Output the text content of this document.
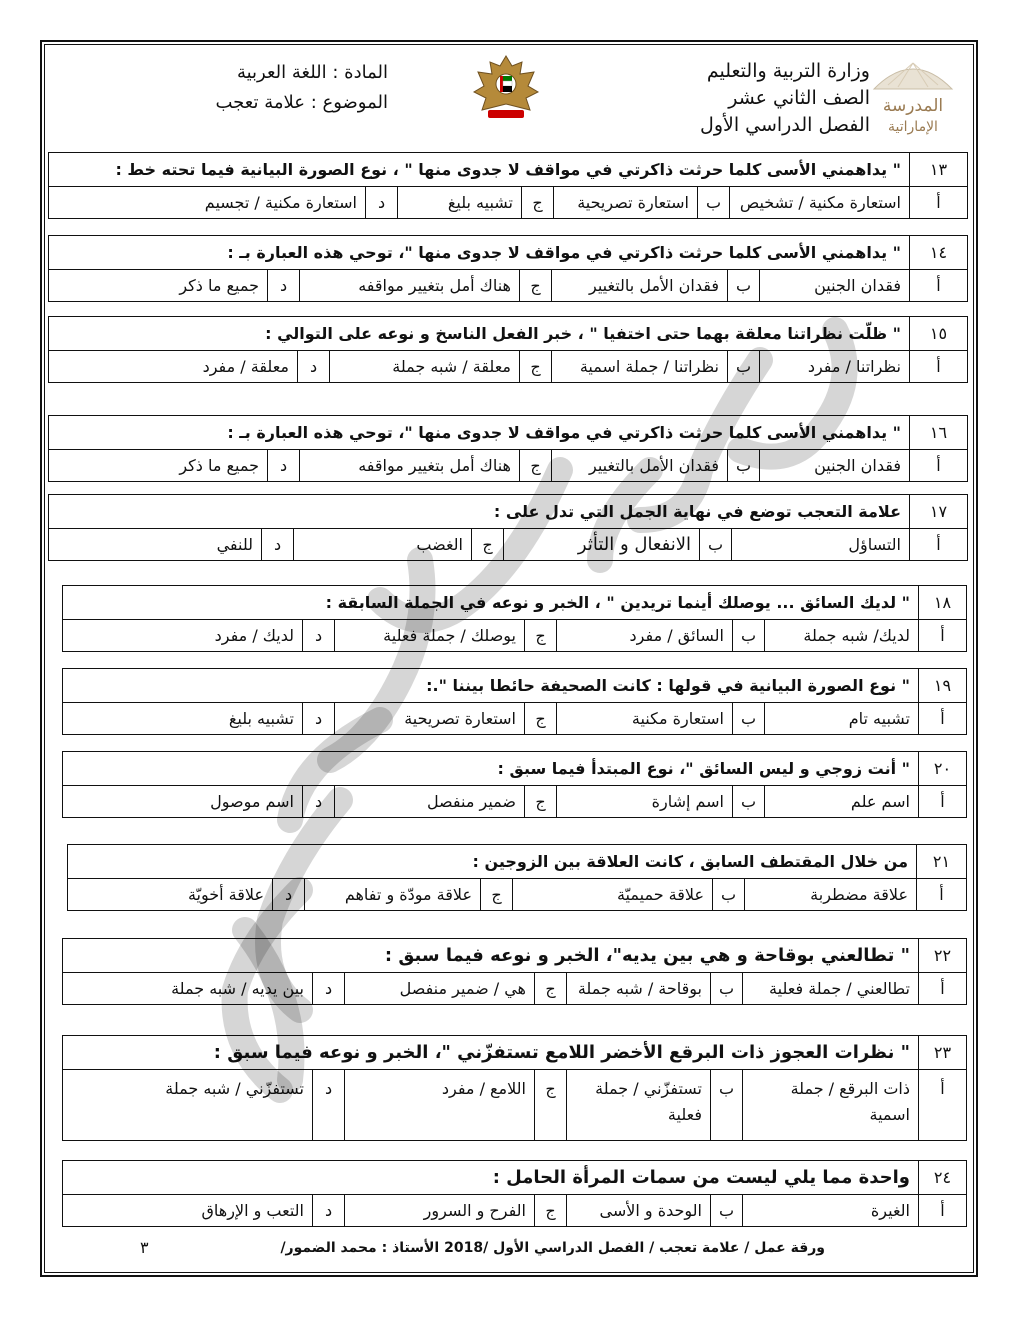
المدرسة
الإماراتية
وزارة التربية والتعليم
الصف الثاني عشر
الفصل الدراسي الأول
المادة : اللغة العربية
الموضوع : علامة تعجب
١٣	" يداهمني الأسى كلما حرثت ذاكرتي في مواقف لا جدوى منها " ، نوع الصورة البيانية فيما تحته خط :						
أ	استعارة مكنية / تشخيص	ب	استعارة تصريحية	ج	تشبيه بليغ	د	استعارة مكنية / تجسيم
١٤	" يداهمني الأسى كلما حرثت ذاكرتي في مواقف لا جدوى منها "، توحي هذه العبارة بـ :						
أ	فقدان الجنين	ب	فقدان الأمل بالتغيير	ج	هناك أمل بتغيير مواقفه	د	جميع ما ذكر
١٥	" ظلّت نظراتنا معلقة بهما حتى اختفيا " ، خبر الفعل الناسخ و نوعه على التوالي :						
أ	نظراتنا / مفرد	ب	نظراتنا / جملة اسمية	ج	معلقة / شبه جملة	د	معلقة / مفرد
١٦	" يداهمني الأسى كلما حرثت ذاكرتي في مواقف لا جدوى منها "، توحي هذه العبارة بـ :						
أ	فقدان الجنين	ب	فقدان الأمل بالتغيير	ج	هناك أمل بتغيير مواقفه	د	جميع ما ذكر
١٧	علامة التعجب توضع في نهاية الجمل التي تدل على :						
أ	التساؤل	ب	الانفعال و التأثر	ج	الغضب	د	للنفي
١٨	" لديك السائق ... يوصلك أينما تريدين " ، الخبر و نوعه في الجملة السابقة :						
أ	لديك/ شبه جملة	ب	السائق / مفرد	ج	يوصلك / جملة فعلية	د	لديك / مفرد
١٩	" نوع الصورة البيانية في قولها : كانت الصحيفة حائطا بيننا ".:						
أ	تشبيه تام	ب	استعارة مكنية	ج	استعارة تصريحية	د	تشبيه بليغ
٢٠	" أنت زوجي و ليس السائق "، نوع المبتدأ فيما سبق :						
أ	اسم علم	ب	اسم إشارة	ج	ضمير منفصل	د	اسم موصول
٢١	من خلال المقتطف السابق ، كانت العلاقة بين الزوجين :						
أ	علاقة مضطربة	ب	علاقة حميميّة	ج	علاقة مودّة و تفاهم	د	علاقة أخويّة
٢٢	" تطالعني بوقاحة و هي بين يديه"، الخبر و نوعه فيما سبق :						
أ	تطالعني / جملة فعلية	ب	بوقاحة / شبه جملة	ج	هي / ضمير منفصل	د	بين يديه / شبه جملة
٢٣	" نظرات العجوز ذات البرقع الأخضر اللامع تستفزّني "، الخبر و نوعه فيما سبق :						
أ	ذات البرقع / جملة اسمية	ب	تستفزّني / جملة فعلية	ج	اللامع / مفرد	د	تستفزّني / شبه جملة
٢٤	واحدة مما يلي ليست من سمات المرأة الحامل :						
أ	الغيرة	ب	الوحدة و الأسى	ج	الفرح و السرور	د	التعب و الإرهاق
ورقة عمل / علامة تعجب / الفصل الدراسي الأول /2018 الأستاذ : محمد الضمور/
٣
